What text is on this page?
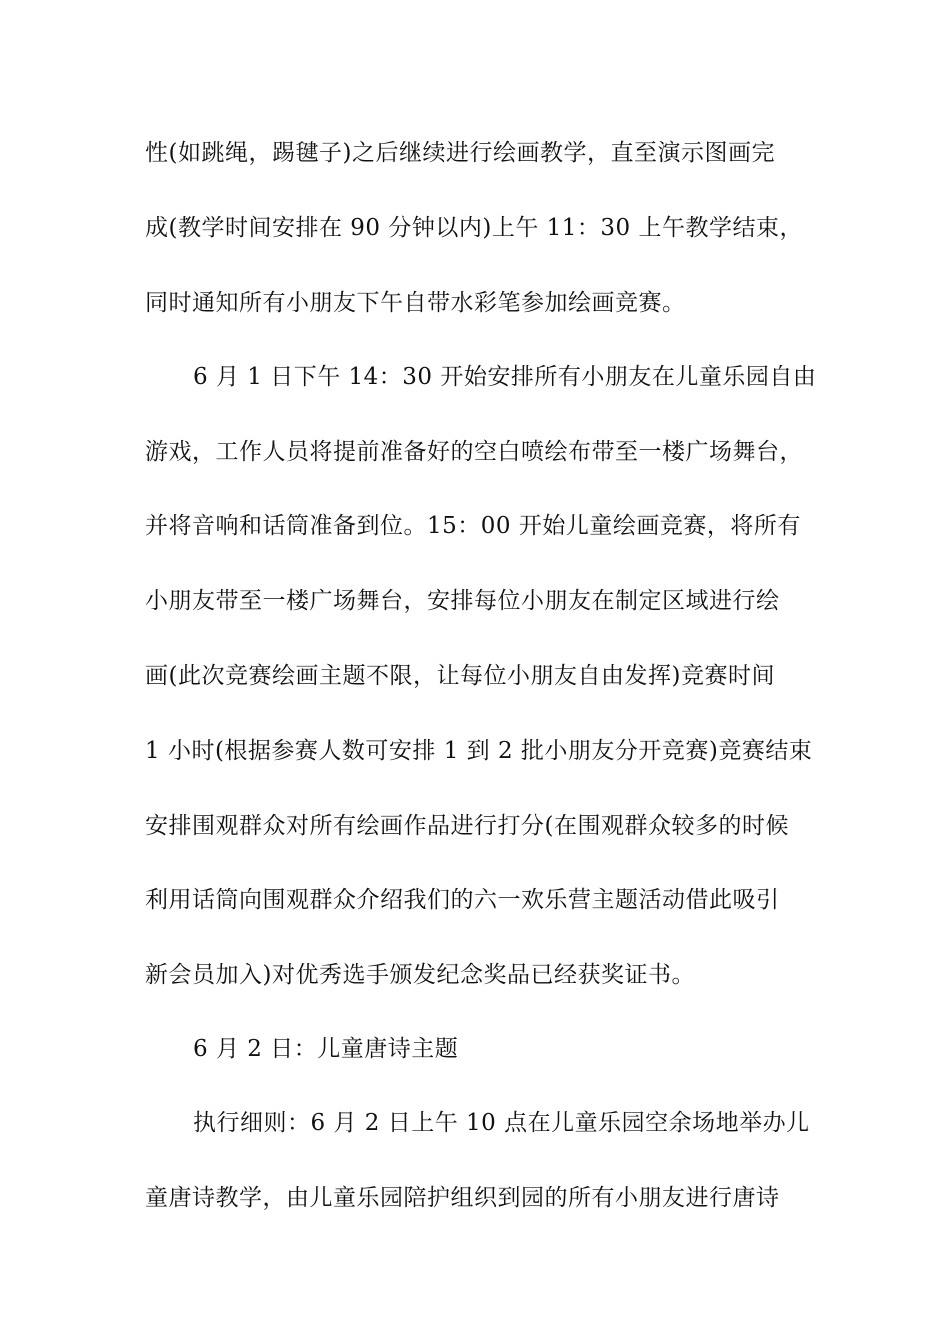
性(如跳绳，踢毽子)之后继续进行绘画教学，直至演示图画完
成(教学时间安排在 90 分钟以内)上午 11：30 上午教学结束，
同时通知所有小朋友下午自带水彩笔参加绘画竞赛。
6 月 1 日下午 14：30 开始安排所有小朋友在儿童乐园自由
游戏，工作人员将提前准备好的空白喷绘布带至一楼广场舞台，
并将音响和话筒准备到位。15：00 开始儿童绘画竞赛，将所有
小朋友带至一楼广场舞台，安排每位小朋友在制定区域进行绘
画(此次竞赛绘画主题不限，让每位小朋友自由发挥)竞赛时间
1 小时(根据参赛人数可安排 1 到 2 批小朋友分开竞赛)竞赛结束
安排围观群众对所有绘画作品进行打分(在围观群众较多的时候
利用话筒向围观群众介绍我们的六一欢乐营主题活动借此吸引
新会员加入)对优秀选手颁发纪念奖品已经获奖证书。
6 月 2 日：儿童唐诗主题
执行细则：6 月 2 日上午 10 点在儿童乐园空余场地举办儿
童唐诗教学，由儿童乐园陪护组织到园的所有小朋友进行唐诗
